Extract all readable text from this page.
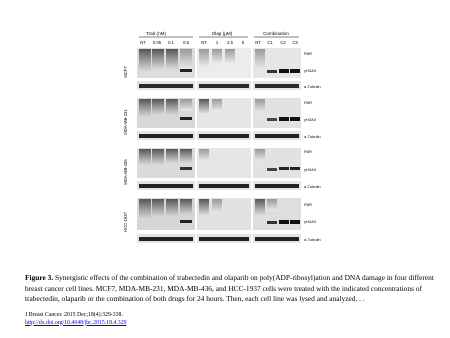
Trab (nM)	Olap (μM)	Combination
NT 0.05 0.1 0.5	NT 1 2.5 5	NT C1 C2 C3
MCF7
PAR
γH2AX
α-Tubulin
MDA-MB-231
PAR
γH2AX
α-Tubulin
MDA-MB-436
PAR
γH2AX
α-Tubulin
HCC-1937
PAR
γH2AX
α-Tubulin
Figure 3. Synergistic effects of the combination of trabectedin and olaparib on poly(ADP-ribosyl)ation and DNA damage in four different breast cancer cell lines. MCF7, MDA-MB-231, MDA-MB-436, and HCC-1937 cells were treated with the indicated concentrations of trabectedin, olaparib or the combination of both drugs for 24 hours. Then, each cell line was lysed and analyzed. . .
J Breast Cancer. 2015 Dec;18(4):329-338.
http://dx.doi.org/10.4048/jbc.2015.18.4.329
